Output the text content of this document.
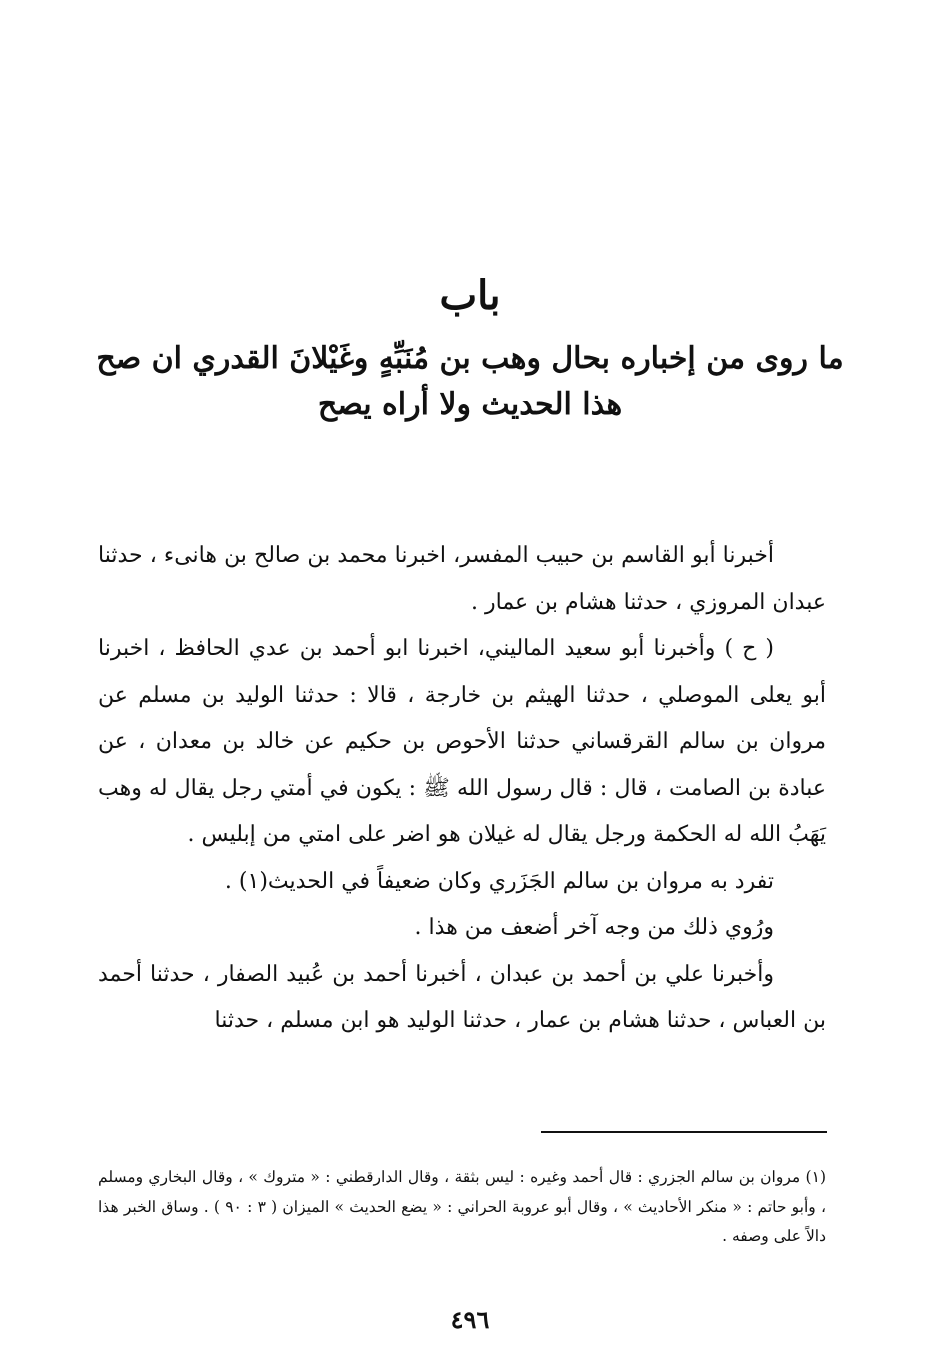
باب
ما روى من إخباره بحال وهب بن مُنَبِّهٍ وغَيْلانَ القدري ان صح هذا الحديث ولا أراه يصح

أخبرنا أبو القاسم بن حبيب المفسر، اخبرنا محمد بن صالح بن هانىء ، حدثنا عبدان المروزي ، حدثنا هشام بن عمار .

( ح ) وأخبرنا أبو سعيد الماليني، اخبرنا ابو أحمد بن عدي الحافظ ، اخبرنا أبو يعلى الموصلي ، حدثنا الهيثم بن خارجة ، قالا : حدثنا الوليد بن مسلم عن مروان بن سالم القرقساني حدثنا الأحوص بن حكيم عن خالد بن معدان ، عن عبادة بن الصامت ، قال : قال رسول الله ﷺ : يكون في أمتي رجل يقال له وهب يَهَبُ الله له الحكمة ورجل يقال له غيلان هو اضر على امتي من إبليس .

تفرد به مروان بن سالم الجَزَري وكان ضعيفاً في الحديث(١) .

ورُوي ذلك من وجه آخر أضعف من هذا .

وأخبرنا علي بن أحمد بن عبدان ، أخبرنا أحمد بن عُبيد الصفار ، حدثنا أحمد بن العباس ، حدثنا هشام بن عمار ، حدثنا الوليد هو ابن مسلم ، حدثنا

(١) مروان بن سالم الجزري : قال أحمد وغيره : ليس بثقة ، وقال الدارقطني : « متروك » ، وقال البخاري ومسلم ، وأبو حاتم : « منكر الأحاديث » ، وقال أبو عروبة الحراني : « يضع الحديث » الميزان ( ٣ : ٩٠ ) . وساق الخبر هذا دالاً على وصفه .

٤٩٦
